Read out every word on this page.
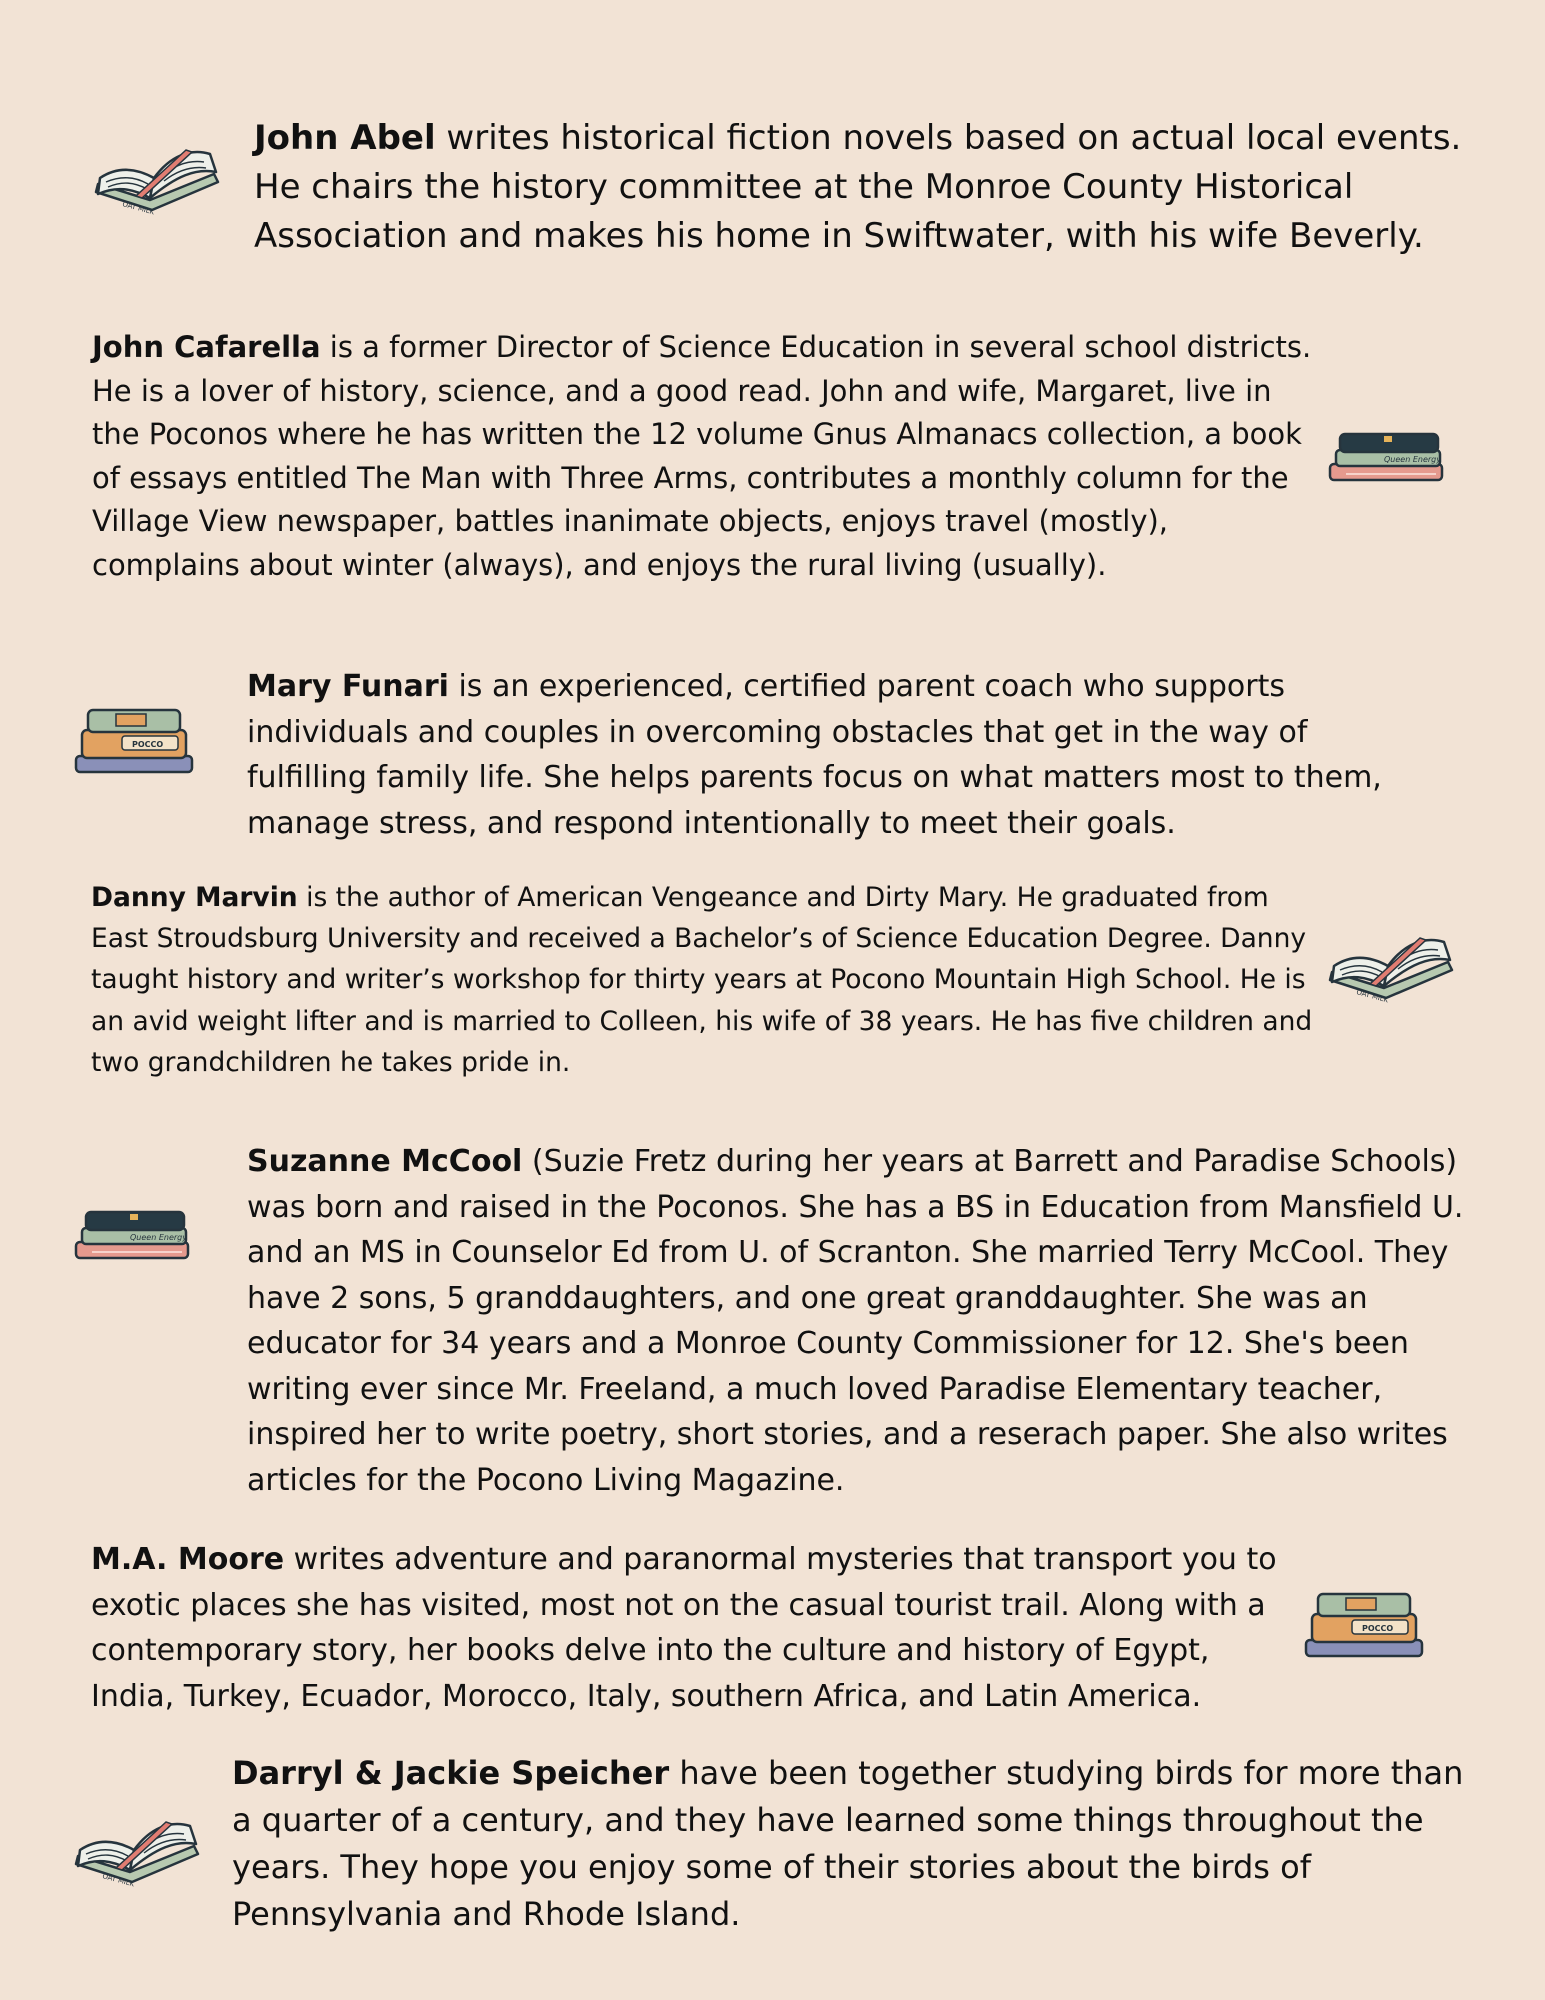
OAT MILK
Queen Energy
POCCO
OAT MILK
Queen Energy
POCCO
OAT MILK

John Abel writes historical fiction novels based on actual local events. He chairs the history committee at the Monroe County Historical Association and makes his home in Swiftwater, with his wife Beverly.

John Cafarella is a former Director of Science Education in several school districts. He is a lover of history, science, and a good read. John and wife, Margaret, live in the Poconos where he has written the 12 volume Gnus Almanacs collection, a book of essays entitled The Man with Three Arms, contributes a monthly column for the Village View newspaper, battles inanimate objects, enjoys travel (mostly), complains about winter (always), and enjoys the rural living (usually).

Mary Funari is an experienced, certified parent coach who supports individuals and couples in overcoming obstacles that get in the way of fulfilling family life. She helps parents focus on what matters most to them, manage stress, and respond intentionally to meet their goals.

Danny Marvin is the author of American Vengeance and Dirty Mary. He graduated from East Stroudsburg University and received a Bachelor’s of Science Education Degree. Danny taught history and writer’s workshop for thirty years at Pocono Mountain High School. He is an avid weight lifter and is married to Colleen, his wife of 38 years. He has five children and two grandchildren he takes pride in.

Suzanne McCool (Suzie Fretz during her years at Barrett and Paradise Schools) was born and raised in the Poconos. She has a BS in Education from Mansfield U. and an MS in Counselor Ed from U. of Scranton. She married Terry McCool. They have 2 sons, 5 granddaughters, and one great granddaughter. She was an educator for 34 years and a Monroe County Commissioner for 12. She's been writing ever since Mr. Freeland, a much loved Paradise Elementary teacher, inspired her to write poetry, short stories, and a reserach paper. She also writes articles for the Pocono Living Magazine.

M.A. Moore writes adventure and paranormal mysteries that transport you to exotic places she has visited, most not on the casual tourist trail. Along with a contemporary story, her books delve into the culture and history of Egypt, India, Turkey, Ecuador, Morocco, Italy, southern Africa, and Latin America.

Darryl & Jackie Speicher have been together studying birds for more than a quarter of a century, and they have learned some things throughout the years. They hope you enjoy some of their stories about the birds of Pennsylvania and Rhode Island.
